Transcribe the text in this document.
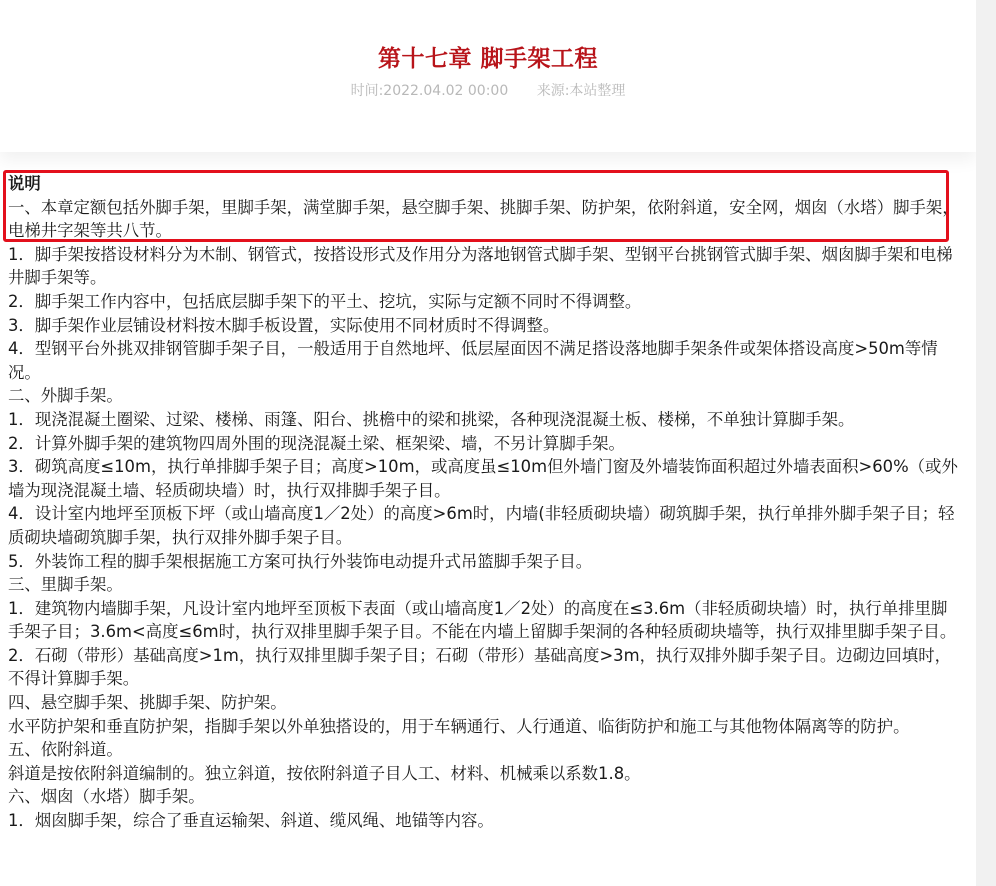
第十七章 脚手架工程
时间:2022.04.02 00:00 来源:本站整理

说明

一、本章定额包括外脚手架，里脚手架，满堂脚手架，悬空脚手架、挑脚手架、防护架，依附斜道，安全网，烟囱（水塔）脚手架，电梯井字架等共八节。

1．脚手架按搭设材料分为木制、钢管式，按搭设形式及作用分为落地钢管式脚手架、型钢平台挑钢管式脚手架、烟囱脚手架和电梯井脚手架等。

2．脚手架工作内容中，包括底层脚手架下的平土、挖坑，实际与定额不同时不得调整。

3．脚手架作业层铺设材料按木脚手板设置，实际使用不同材质时不得调整。

4．型钢平台外挑双排钢管脚手架子目，一般适用于自然地坪、低层屋面因不满足搭设落地脚手架条件或架体搭设高度>50m等情况。

二、外脚手架。

1．现浇混凝土圈梁、过梁、楼梯、雨篷、阳台、挑檐中的梁和挑梁，各种现浇混凝土板、楼梯，不单独计算脚手架。

2．计算外脚手架的建筑物四周外围的现浇混凝土梁、框架梁、墙，不另计算脚手架。

3．砌筑高度≤10m，执行单排脚手架子目；高度>10m，或高度虽≤10m但外墙门窗及外墙装饰面积超过外墙表面积>60%（或外墙为现浇混凝土墙、轻质砌块墙）时，执行双排脚手架子目。

4．设计室内地坪至顶板下坪（或山墙高度1／2处）的高度>6m时，内墙(非轻质砌块墙）砌筑脚手架，执行单排外脚手架子目；轻质砌块墙砌筑脚手架，执行双排外脚手架子目。

5．外装饰工程的脚手架根据施工方案可执行外装饰电动提升式吊篮脚手架子目。

三、里脚手架。

1．建筑物内墙脚手架，凡设计室内地坪至顶板下表面（或山墙高度1／2处）的高度在≤3.6m（非轻质砌块墙）时，执行单排里脚手架子目；3.6m<高度≤6m时，执行双排里脚手架子目。不能在内墙上留脚手架洞的各种轻质砌块墙等，执行双排里脚手架子目。

2．石砌（带形）基础高度>1m，执行双排里脚手架子目；石砌（带形）基础高度>3m，执行双排外脚手架子目。边砌边回填时，不得计算脚手架。

四、悬空脚手架、挑脚手架、防护架。

水平防护架和垂直防护架，指脚手架以外单独搭设的，用于车辆通行、人行通道、临街防护和施工与其他物体隔离等的防护。

五、依附斜道。

斜道是按依附斜道编制的。独立斜道，按依附斜道子目人工、材料、机械乘以系数1.8。

六、烟囱（水塔）脚手架。

1．烟囱脚手架，综合了垂直运输架、斜道、缆风绳、地锚等内容。
